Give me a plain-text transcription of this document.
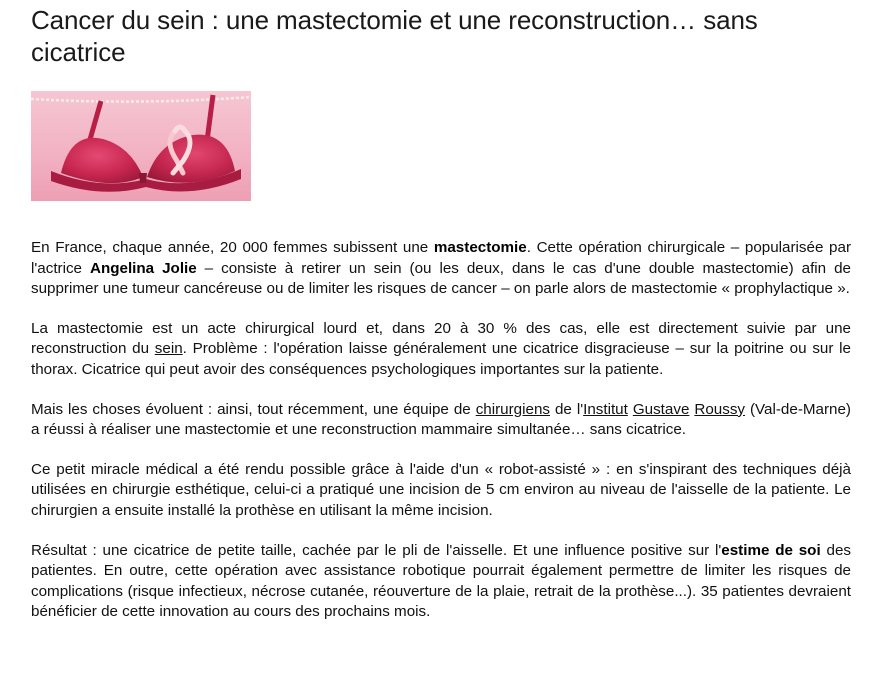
Cancer du sein : une mastectomie et une reconstruction… sans cicatrice

En France, chaque année, 20 000 femmes subissent une mastectomie. Cette opération chirurgicale – popularisée par l'actrice Angelina Jolie – consiste à retirer un sein (ou les deux, dans le cas d'une double mastectomie) afin de supprimer une tumeur cancéreuse ou de limiter les risques de cancer – on parle alors de mastectomie « prophylactique ».

La mastectomie est un acte chirurgical lourd et, dans 20 à 30 % des cas, elle est directement suivie par une reconstruction du sein. Problème : l'opération laisse généralement une cicatrice disgracieuse – sur la poitrine ou sur le thorax. Cicatrice qui peut avoir des conséquences psychologiques importantes sur la patiente.

Mais les choses évoluent : ainsi, tout récemment, une équipe de chirurgiens de l'Institut Gustave Roussy (Val-de-Marne) a réussi à réaliser une mastectomie et une reconstruction mammaire simultanée… sans cicatrice.

Ce petit miracle médical a été rendu possible grâce à l'aide d'un « robot-assisté » : en s'inspirant des techniques déjà utilisées en chirurgie esthétique, celui-ci a pratiqué une incision de 5 cm environ au niveau de l'aisselle de la patiente. Le chirurgien a ensuite installé la prothèse en utilisant la même incision.

Résultat : une cicatrice de petite taille, cachée par le pli de l'aisselle. Et une influence positive sur l'estime de soi des patientes. En outre, cette opération avec assistance robotique pourrait également permettre de limiter les risques de complications (risque infectieux, nécrose cutanée, réouverture de la plaie, retrait de la prothèse...). 35 patientes devraient bénéficier de cette innovation au cours des prochains mois.
